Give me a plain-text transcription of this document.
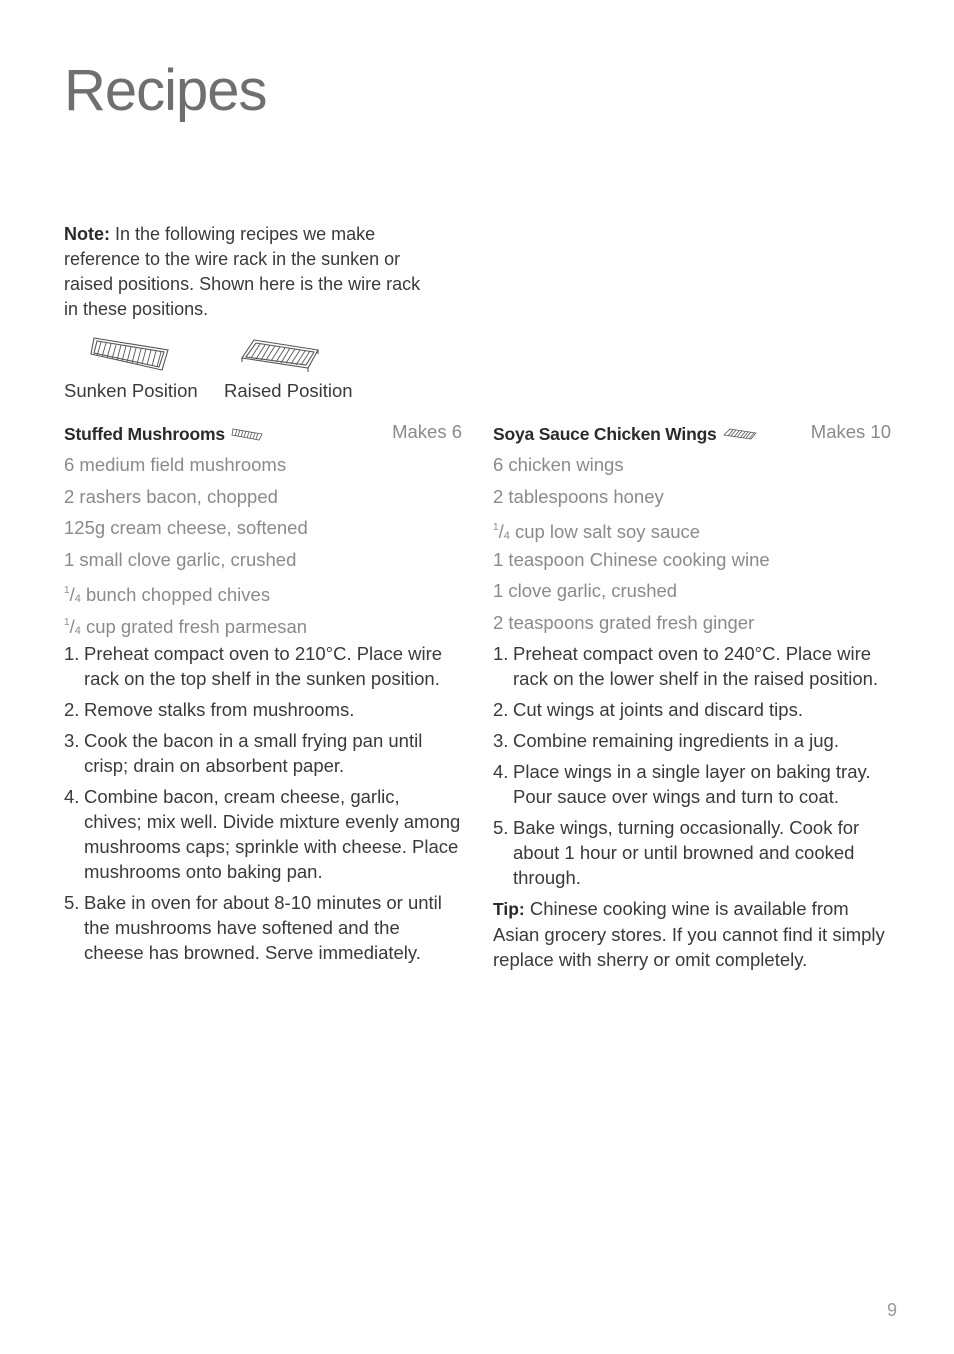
Recipes
Note: In the following recipes we make reference to the wire rack in the sunken or raised positions. Shown here is the wire rack in these positions.
Sunken Position Raised Position
Stuffed Mushrooms	Makes 6
6 medium field mushrooms
2 rashers bacon, chopped
125g cream cheese, softened
1 small clove garlic, crushed
$^1/_4$ bunch chopped chives
$^1/_4$ cup grated fresh parmesan
1. Preheat compact oven to 210°C. Place wire rack on the top shelf in the sunken position.
2. Remove stalks from mushrooms.
3. Cook the bacon in a small frying pan until crisp; drain on absorbent paper.
4. Combine bacon, cream cheese, garlic, chives; mix well. Divide mixture evenly among mushrooms caps; sprinkle with cheese. Place mushrooms onto baking pan.
5. Bake in oven for about 8-10 minutes or until the mushrooms have softened and the cheese has browned. Serve immediately.
Soya Sauce Chicken Wings	Makes 10
6 chicken wings
2 tablespoons honey
$^1/_4$ cup low salt soy sauce
1 teaspoon Chinese cooking wine
1 clove garlic, crushed
2 teaspoons grated fresh ginger
1. Preheat compact oven to 240°C. Place wire rack on the lower shelf in the raised position.
2. Cut wings at joints and discard tips.
3. Combine remaining ingredients in a jug.
4. Place wings in a single layer on baking tray. Pour sauce over wings and turn to coat.
5. Bake wings, turning occasionally. Cook for about 1 hour or until browned and cooked through.

Tip: Chinese cooking wine is available from Asian grocery stores. If you cannot find it simply replace with sherry or omit completely.

9
